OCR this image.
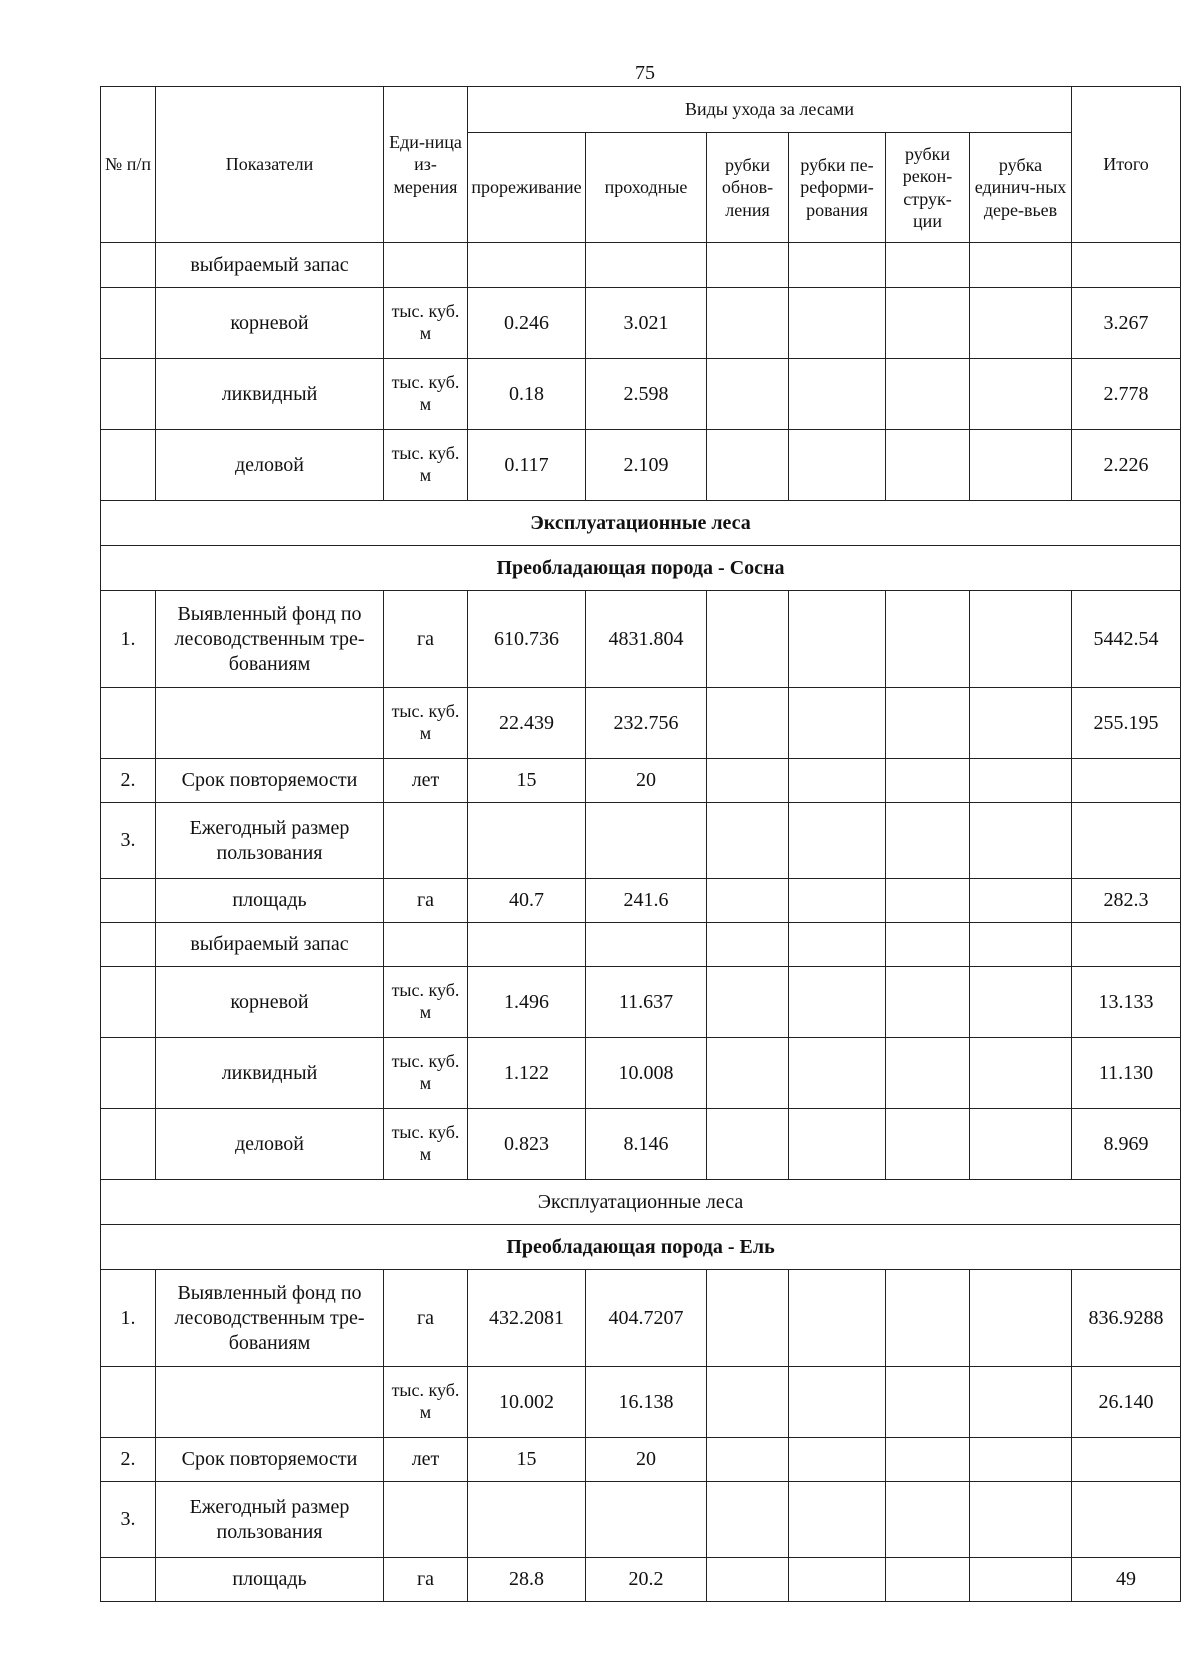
75
№ п/п	Показатели	Еди-ница из-мерения	Виды ухода за лесами						Итого
			прореживание	проходные	рубки обнов-ления	рубки пе-реформи-рования	рубки рекон-струк-ции	рубка единич-ных дере-вьев	
	выбираемый запас								
	корневой	тыс. куб. м	0.246	3.021					3.267
	ликвидный	тыс. куб. м	0.18	2.598					2.778
	деловой	тыс. куб. м	0.117	2.109					2.226
Эксплуатационные леса									
Преобладающая порода - Сосна									
1.	Выявленный фонд по лесоводственным тре-бованиям	га	610.736	4831.804					5442.54
		тыс. куб. м	22.439	232.756					255.195
2.	Срок повторяемости	лет	15	20					
3.	Ежегодный размер пользования								
	площадь	га	40.7	241.6					282.3
	выбираемый запас								
	корневой	тыс. куб. м	1.496	11.637					13.133
	ликвидный	тыс. куб. м	1.122	10.008					11.130
	деловой	тыс. куб. м	0.823	8.146					8.969
Эксплуатационные леса									
Преобладающая порода - Ель									
1.	Выявленный фонд по лесоводственным тре-бованиям	га	432.2081	404.7207					836.9288
		тыс. куб. м	10.002	16.138					26.140
2.	Срок повторяемости	лет	15	20					
3.	Ежегодный размер пользования								
	площадь	га	28.8	20.2					49
